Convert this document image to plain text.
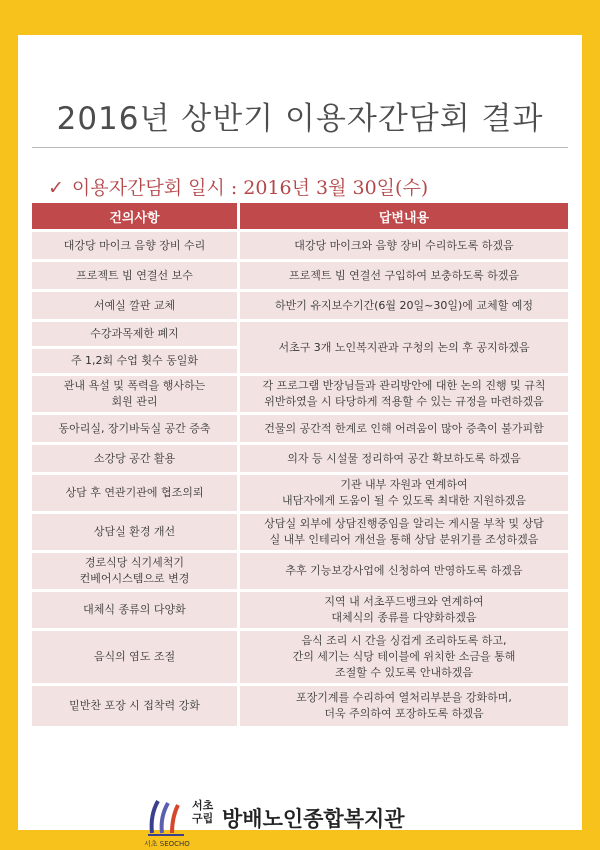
2016년 상반기 이용자간담회 결과
✓ 이용자간담회 일시 : 2016년 3월 30일(수)
건의사항	답변내용
대강당 마이크 음향 장비 수리	대강당 마이크와 음향 장비 수리하도록 하겠음
프로젝트 빔 연결선 보수	프로젝트 빔 연결선 구입하여 보충하도록 하겠음
서예실 깔판 교체	하반기 유지보수기간(6월 20일~30일)에 교체할 예정
수강과목제한 폐지	서초구 3개 노인복지관과 구청의 논의 후 공지하겠음
주 1,2회 수업 횟수 동일화	
관내 욕설 및 폭력을 행사하는
회원 관리	각 프로그램 반장님들과 관리방안에 대한 논의 진행 및 규칙
위반하였을 시 타당하게 적용할 수 있는 규정을 마련하겠음
동아리실, 장기바둑실 공간 증축	건물의 공간적 한계로 인해 어려움이 많아 증축이 불가피함
소강당 공간 활용	의자 등 시설물 정리하여 공간 확보하도록 하겠음
상담 후 연관기관에 협조의뢰	기관 내부 자원과 연계하여
내담자에게 도움이 될 수 있도록 최대한 지원하겠음
상담실 환경 개선	상담실 외부에 상담진행중임을 알리는 게시물 부착 및 상담
실 내부 인테리어 개선을 통해 상담 분위기를 조성하겠음
경로식당 식기세척기
컨베어시스템으로 변경	추후 기능보강사업에 신청하여 반영하도록 하겠음
대체식 종류의 다양화	지역 내 서초푸드뱅크와 연계하여
대체식의 종류를 다양화하겠음
음식의 염도 조절	음식 조리 시 간을 싱겁게 조리하도록 하고,
간의 세기는 식당 테이블에 위치한 소금을 통해
조절할 수 있도록 안내하겠음
밑반찬 포장 시 접착력 강화	포장기계를 수리하여 열처리부분을 강화하며,
더욱 주의하여 포장하도록 하겠음
서초 SEOCHO
서초구립 방배노인종합복지관
